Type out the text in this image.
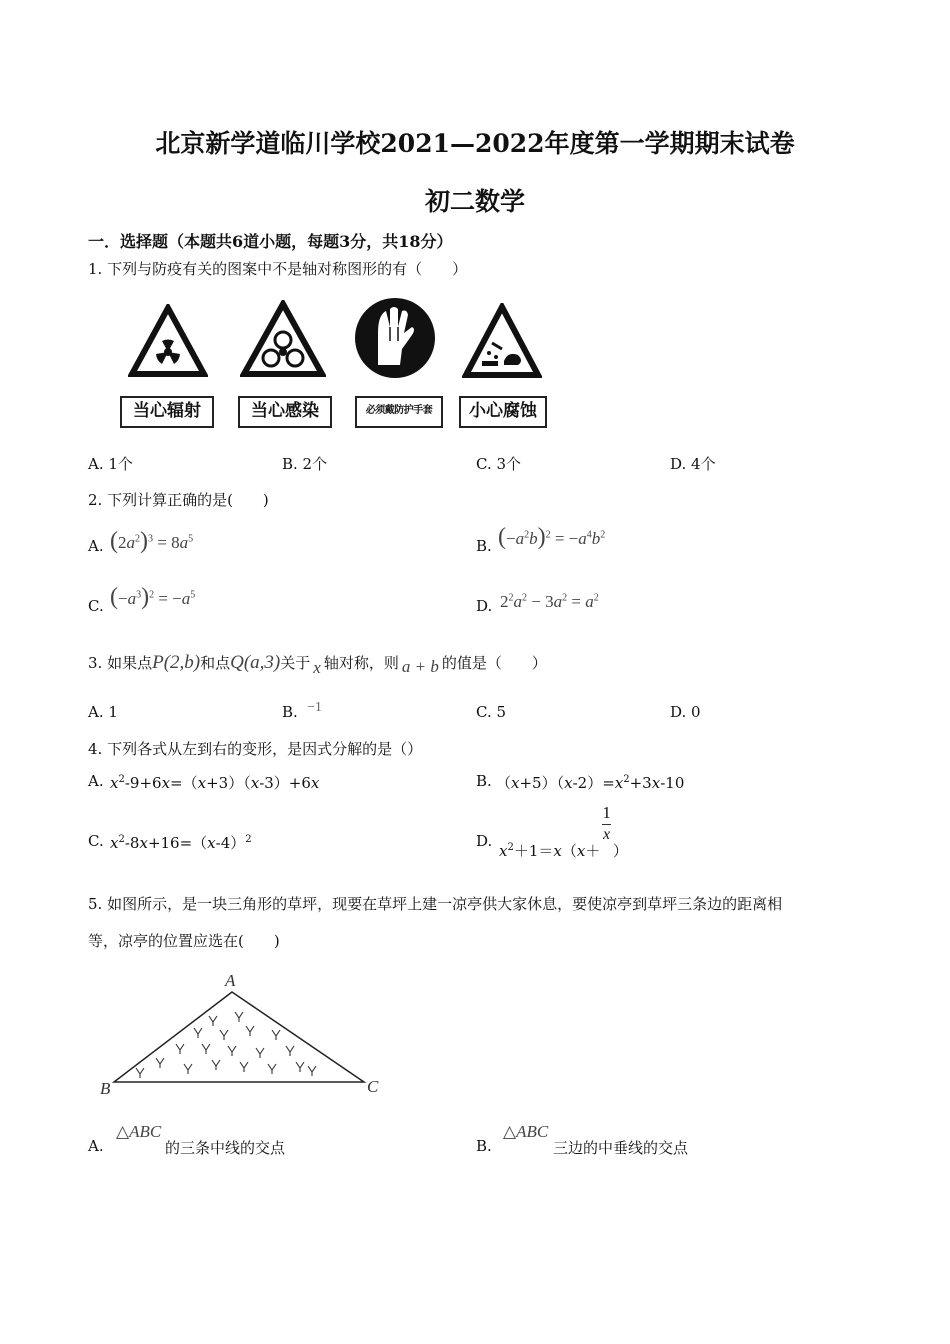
北京新学道临川学校2021—2022年度第一学期期末试卷
初二数学
一．选择题（本题共6道小题，每题3分，共18分）
1. 下列与防疫有关的图案中不是轴对称图形的有（　　）
当心辐射	当心感染	必须戴防护手套	小心腐蚀
A. 1个	B. 2个	C. 3个	D. 4个
2. 下列计算正确的是(　　)
A. $(2a^2)^3 = 8a^5$	B. $(-a^2b)^2 = -a^4b^2$
C. $(-a^3)^2 = -a^5$
D. $2^2a^2 - 3a^2 = a^2$
3. 如果点P(2,b)和点Q(a,3)关于 x 轴对称，则 a + b 的值是（　　）
A. 1	B. −1	C. 5	D. 0
4. 下列各式从左到右的变形，是因式分解的是（）
A. $x^2-9+6x=(x+3)(x-3)+6x$	B. $(x+5)(x-2)=x^2+3x-10$
C. $x^2-8x+16=(x-4)^2$	D.
$x^2+1=x(x+$
$\frac{1}{x}$
）
5. 如图所示，是一块三角形的草坪，现要在草坪上建一凉亭供大家休息，要使凉亭到草坪三条边的距离相
等，凉亭的位置应选在(　　)
A
B	C
A.
△ABC
的三条中线的交点	B.
△ABC
三边的中垂线的交点
